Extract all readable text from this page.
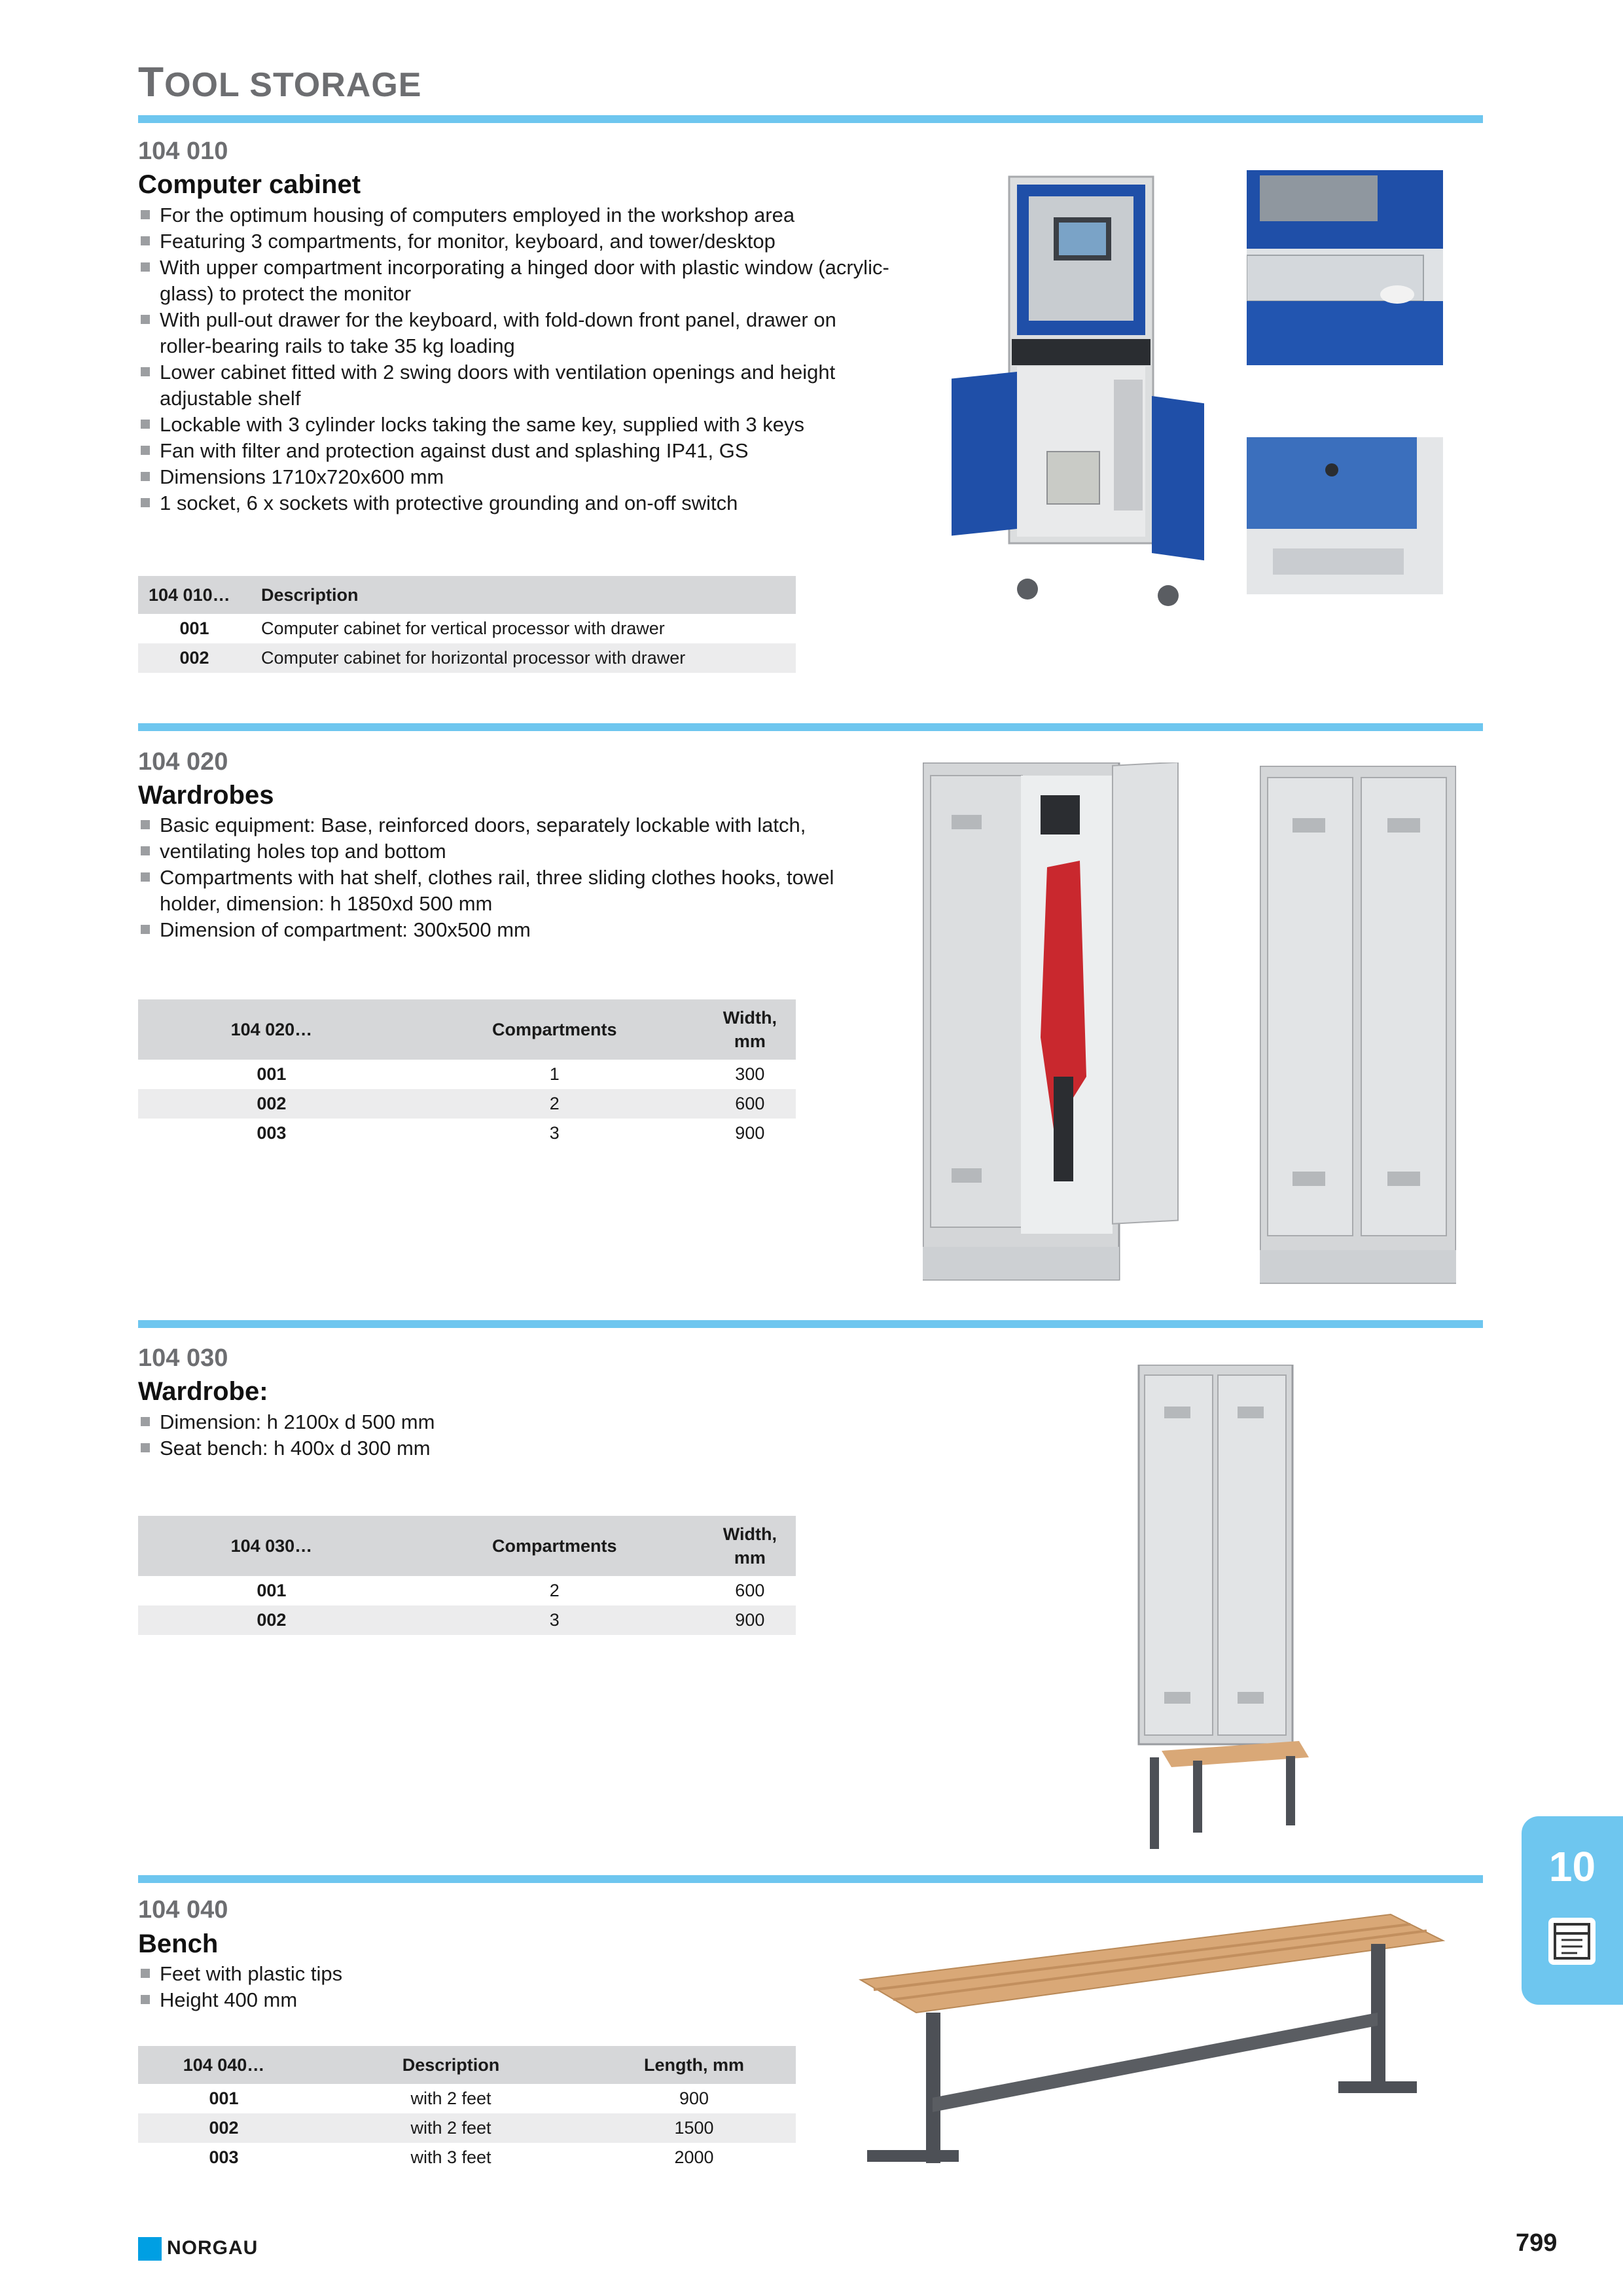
TOOL STORAGE
104 010
Computer cabinet
For the optimum housing of computers employed in the workshop area
Featuring 3 compartments, for monitor, keyboard, and tower/desktop
With upper compartment incorporating a hinged door with plastic window (acrylic-glass) to protect the monitor
With pull-out drawer for the keyboard, with fold-down front panel, drawer on roller-bearing rails to take 35 kg loading
Lower cabinet fitted with 2 swing doors with ventilation openings and height adjustable shelf
Lockable with 3 cylinder locks taking the same key, supplied with 3 keys
Fan with filter and protection against dust and splashing IP41, GS
Dimensions 1710x720x600 mm
1 socket, 6 x sockets with protective grounding and on-off switch
104 010…	Description
001	Computer cabinet for vertical processor with drawer
002	Computer cabinet for horizontal processor with drawer
104 020
Wardrobes
Basic equipment: Base, reinforced doors, separately lockable with latch,
ventilating holes top and bottom
Compartments with hat shelf, clothes rail, three sliding clothes hooks, towel holder, dimension: h 1850xd 500 mm
Dimension of compartment: 300x500 mm
104 020…	Compartments	Width, mm
001	1	300
002	2	600
003	3	900
104 030
Wardrobe:
Dimension: h 2100x d 500 mm
Seat bench: h 400x d 300 mm
104 030…	Compartments	Width, mm
001	2	600
002	3	900
104 040
Bench
Feet with plastic tips
Height 400 mm
104 040…	Description	Length, mm
001	with 2 feet	900
002	with 2 feet	1500
003	with 3 feet	2000
10
NORGAU	799
